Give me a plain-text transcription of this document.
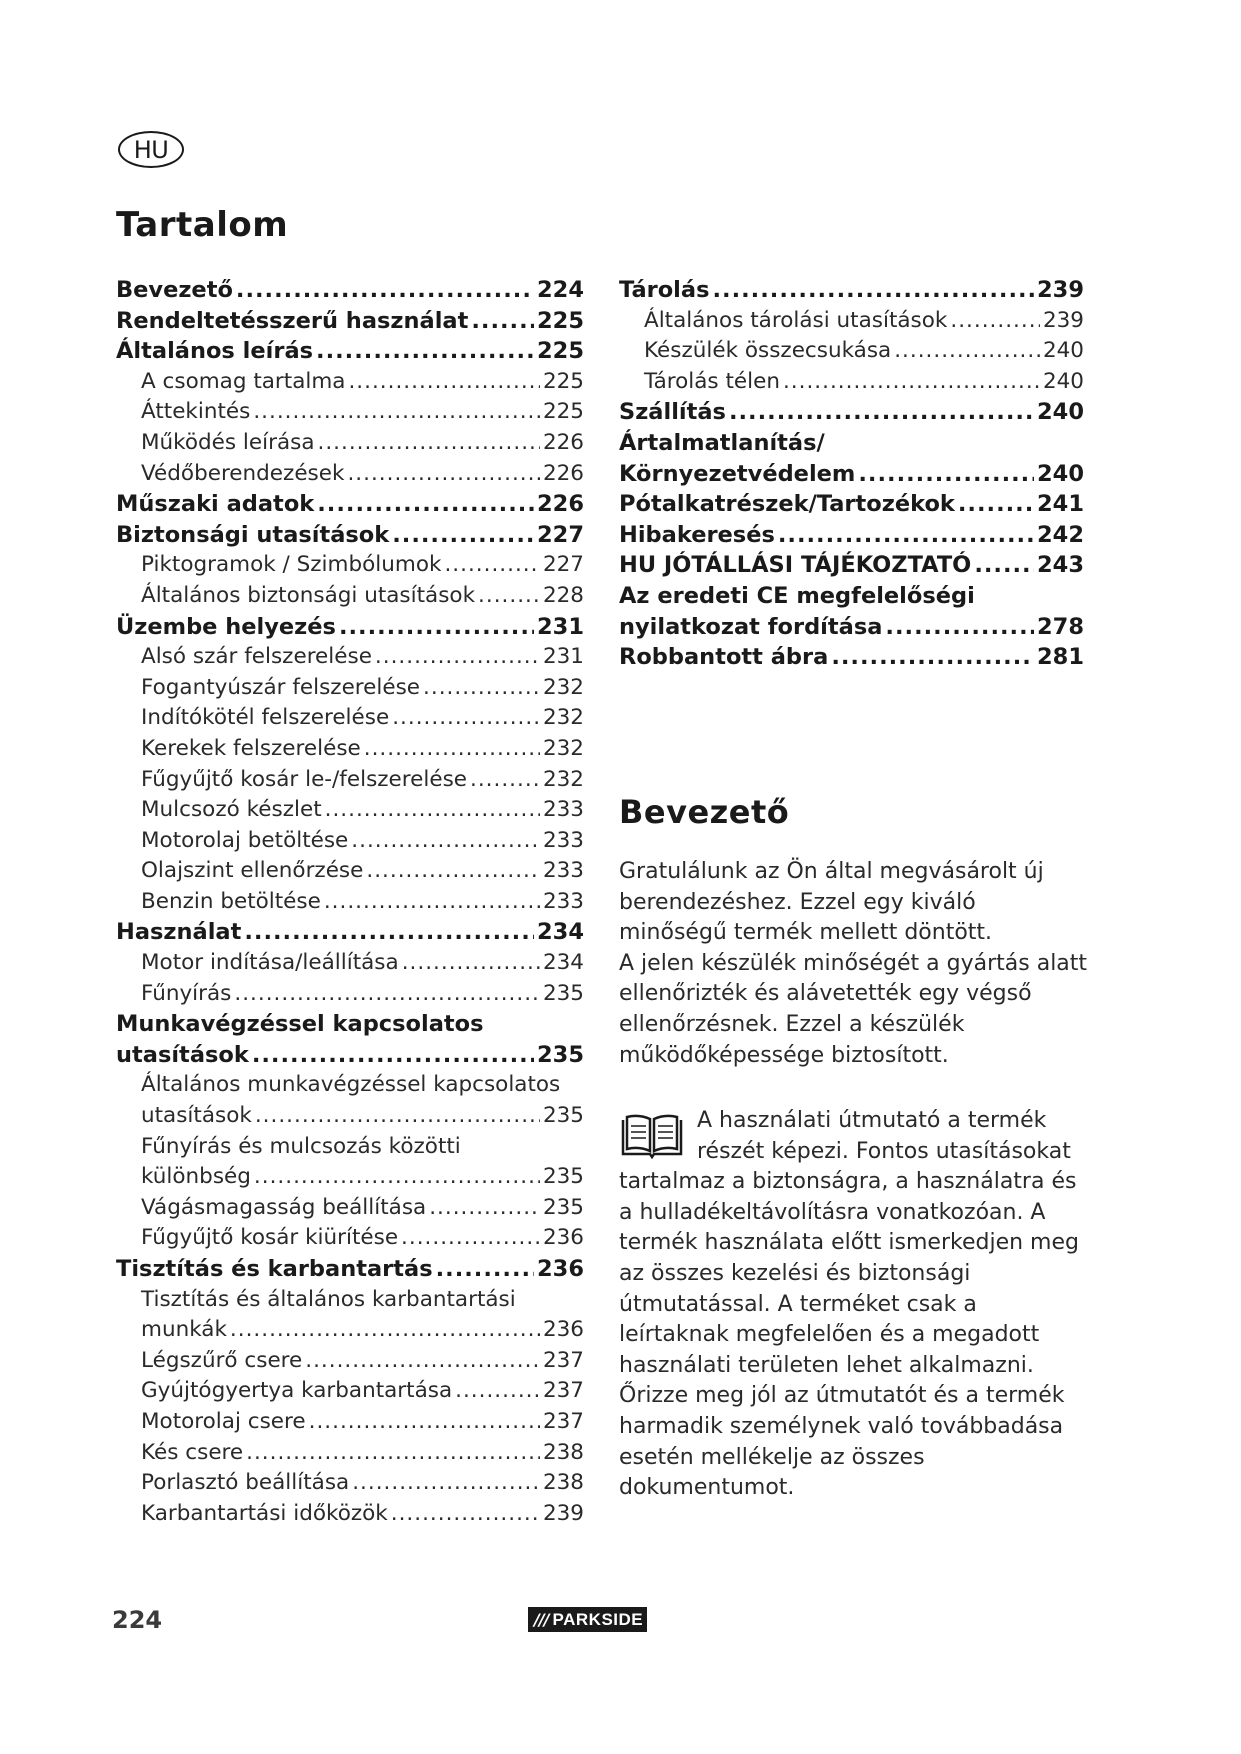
HU
Tartalom
Bevezető .....	224
Rendeltetésszerű használat .....	225
Általános leírás .....	225
A csomag tartalma .....	225
Áttekintés .....	225
Működés leírása .....	226
Védőberendezések .....	226
Műszaki adatok .....	226
Biztonsági utasítások .....	227
Piktogramok / Szimbólumok .....	227
Általános biztonsági utasítások .....	228
Üzembe helyezés .....	231
Alsó szár felszerelése .....	231
Fogantyúszár felszerelése .....	232
Indítókötél felszerelése .....	232
Kerekek felszerelése .....	232
Fűgyűjtő kosár le-/felszerelése .....	232
Mulcsozó készlet .....	233
Motorolaj betöltése .....	233
Olajszint ellenőrzése .....	233
Benzin betöltése .....	233
Használat .....	234
Motor indítása/leállítása .....	234
Fűnyírás .....	235
Munkavégzéssel kapcsolatos
utasítások .....	235
Általános munkavégzéssel kapcsolatos
utasítások .....	235
Fűnyírás és mulcsozás közötti
különbség .....	235
Vágásmagasság beállítása .....	235
Fűgyűjtő kosár kiürítése .....	236
Tisztítás és karbantartás .....	236
Tisztítás és általános karbantartási
munkák .....	236
Légszűrő csere .....	237
Gyújtógyertya karbantartása .....	237
Motorolaj csere .....	237
Kés csere .....	238
Porlasztó beállítása .....	238
Karbantartási időközök .....	239
Tárolás .....	239
Általános tárolási utasítások .....	239
Készülék összecsukása .....	240
Tárolás télen .....	240
Szállítás .....	240
Ártalmatlanítás/
Környezetvédelem .....	240
Pótalkatrészek/Tartozékok .....	241
Hibakeresés .....	242
HU JÓTÁLLÁSI TÁJÉKOZTATÓ .....	243
Az eredeti CE megfelelőségi
nyilatkozat fordítása .....	278
Robbantott ábra .....	281
Bevezető

Gratulálunk az Ön által megvásárolt új berendezéshez. Ezzel egy kiváló minőségű termék mellett döntött.

A jelen készülék minőségét a gyártás alatt ellenőrizték és alávetették egy végső ellenőrzésnek. Ezzel a készülék működőképessége biztosított.

A használati útmutató a termék részét képezi. Fontos utasításokat tartalmaz a biztonságra, a használatra és a hulladékeltávolításra vonatkozóan. A termék használata előtt ismerkedjen meg az összes kezelési és biztonsági útmutatással. A terméket csak a leírtaknak megfelelően és a megadott használati területen lehet alkalmazni.

Őrizze meg jól az útmutatót és a termék harmadik személynek való továbbadása esetén mellékelje az összes dokumentumot.

224	/// PARKSIDE
